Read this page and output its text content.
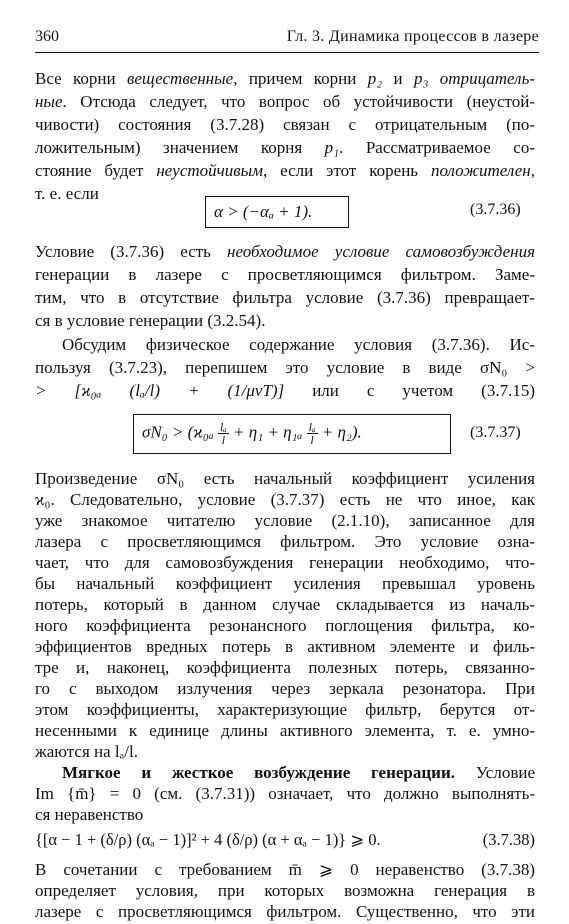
360	Гл. 3. Динамика процессов в лазере
Все корни вещественные, причем корни p₂ и p₃ отрицатель-
ные. Отсюда следует, что вопрос об устойчивости (неустой-
чивости) состояния (3.7.28) связан с отрицательным (по-
ложительным) значением корня p₁. Рассматриваемое со-
стояние будет неустойчивым, если этот корень положителен,
т. е. если
α > (−αₐ + 1).	(3.7.36)
Условие (3.7.36) есть необходимое условие самовозбуждения
генерации в лазере с просветляющимся фильтром. Заме-
тим, что в отсутствие фильтра условие (3.7.36) превращает-
ся в условие генерации (3.2.54).
Обсудим физическое содержание условия (3.7.36). Ис-
пользуя (3.7.23), перепишем это условие в виде σN₀ >
> [ϰ₀ₐ (lₐ/l) + (1/μvT)] или с учетом (3.7.15)
$\sigma N_0 > (ϰ_{0a} \frac{\text{lₐ}}{l} + \eta_1 + \eta_{1a} \frac{\text{lₐ}}{l} + \eta_2)$.	(3.7.37)
Произведение σN₀ есть начальный коэффициент усиления
ϰ₀. Следовательно, условие (3.7.37) есть не что иное, как
уже знакомое читателю условие (2.1.10), записанное для
лазера с просветляющимся фильтром. Это условие озна-
чает, что для самовозбуждения генерации необходимо, что-
бы начальный коэффициент усиления превышал уровень
потерь, который в данном случае складывается из началь-
ного коэффициента резонансного поглощения фильтра, ко-
эффициентов вредных потерь в активном элементе и филь-
тре и, наконец, коэффициента полезных потерь, связанно-
го с выходом излучения через зеркала резонатора. При
этом коэффициенты, характеризующие фильтр, берутся от-
несенными к единице длины активного элемента, т. е. умно-
жаются на lₐ/l.
Мягкое и жесткое возбуждение генерации. Условие
Im {m̄} = 0 (см. (3.7.31)) означает, что должно выполнять-
ся неравенство
{[α − 1 + (δ/ρ) (αₐ − 1)]² + 4 (δ/ρ) (α + αₐ − 1)} ⩾ 0.	(3.7.38)
В сочетании с требованием m̄ ⩾ 0 неравенство (3.7.38)
определяет условия, при которых возможна генерация в
лазере с просветляющимся фильтром. Существенно, что эти
